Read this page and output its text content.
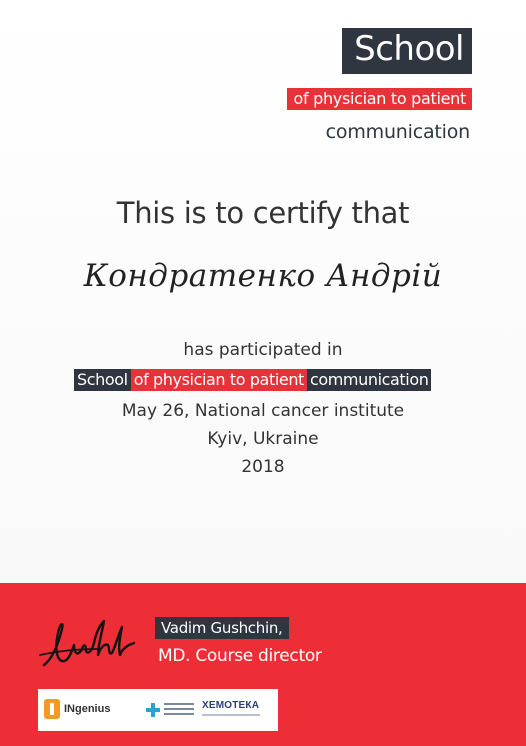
School
of physician to patient
communication
This is to certify that
Кондратенко Андрій
has participated in
School of physician to patient communication
May 26, National cancer institute
Kyiv, Ukraine
2018
Vadim Gushchin,
MD. Course director
INgenius	ХЕМОТЕКА
